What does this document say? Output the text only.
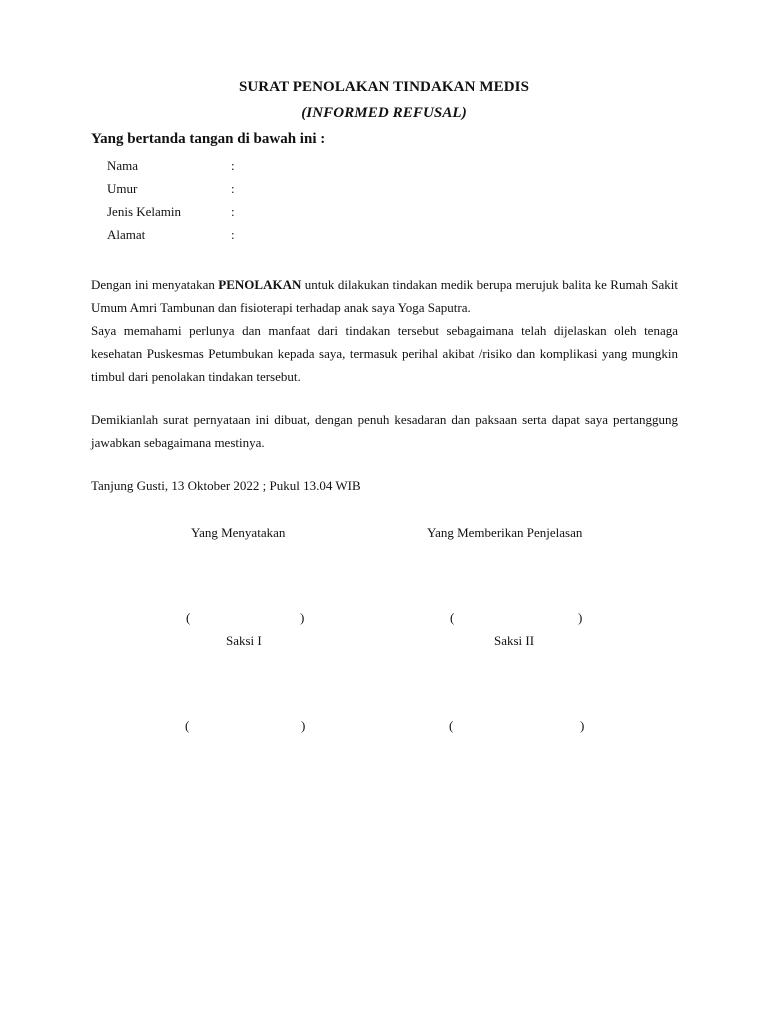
SURAT PENOLAKAN TINDAKAN MEDIS
(INFORMED REFUSAL)
Yang bertanda tangan di bawah ini :
Nama	:
Umur	:
Jenis Kelamin	:
Alamat	:

Dengan ini menyatakan PENOLAKAN untuk dilakukan tindakan medik berupa merujuk balita ke Rumah Sakit Umum Amri Tambunan dan fisioterapi terhadap anak saya Yoga Saputra.

Saya memahami perlunya dan manfaat dari tindakan tersebut sebagaimana telah dijelaskan oleh tenaga kesehatan Puskesmas Petumbukan kepada saya, termasuk perihal akibat /risiko dan komplikasi yang mungkin timbul dari penolakan tindakan tersebut.

Demikianlah surat pernyataan ini dibuat, dengan penuh kesadaran dan paksaan serta dapat saya pertanggung jawabkan sebagaimana mestinya.

Tanjung Gusti, 13 Oktober 2022 ; Pukul 13.04 WIB
Yang Menyatakan	Yang Memberikan Penjelasan
(	)	(	)
Saksi I	Saksi II
(	)	(	)
